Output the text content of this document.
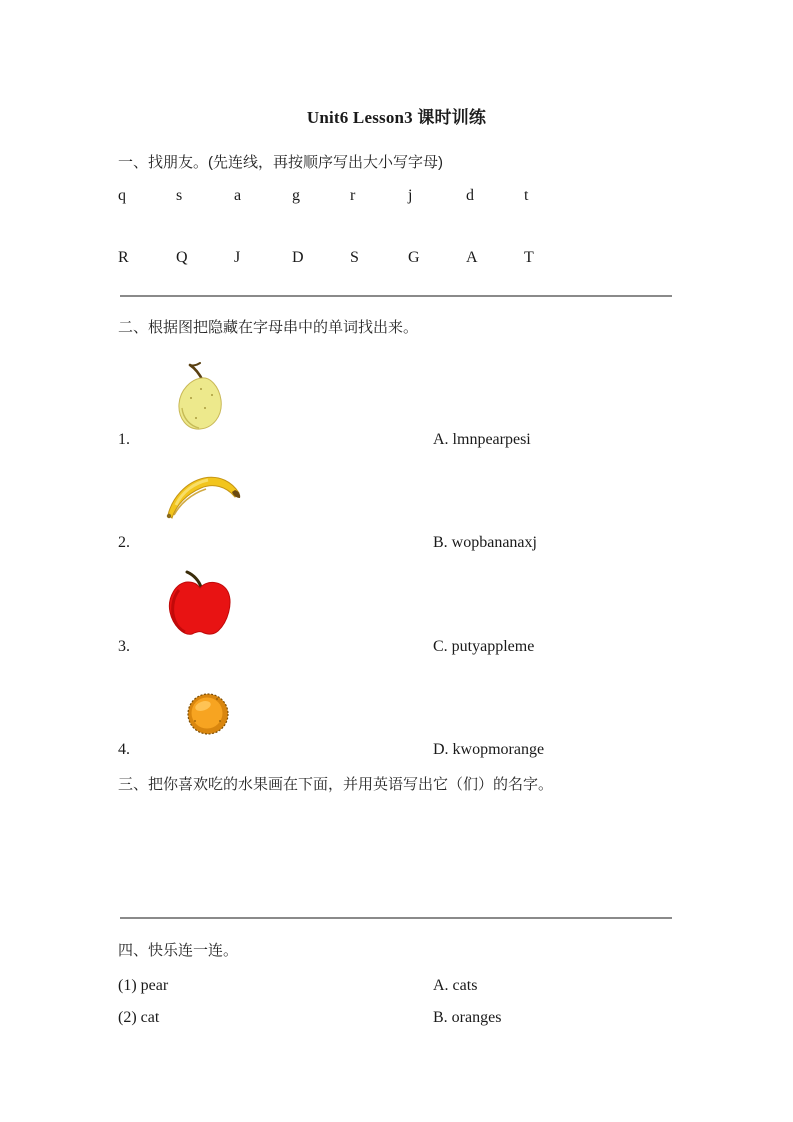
Unit6 Lesson3 课时训练
一、找朋友。(先连线，再按顺序写出大小写字母)
q	s	a	g	r	j	d	t
R	Q	J	D	S	G	A	T
二、根据图把隐藏在字母串中的单词找出来。
1.	A. lmnpearpesi
2.	B. wopbananaxj
3.	C. putyappleme
4.	D. kwopmorange
三、把你喜欢吃的水果画在下面，并用英语写出它（们）的名字。
四、快乐连一连。
(1) pear	A. cats
(2) cat	B. oranges
